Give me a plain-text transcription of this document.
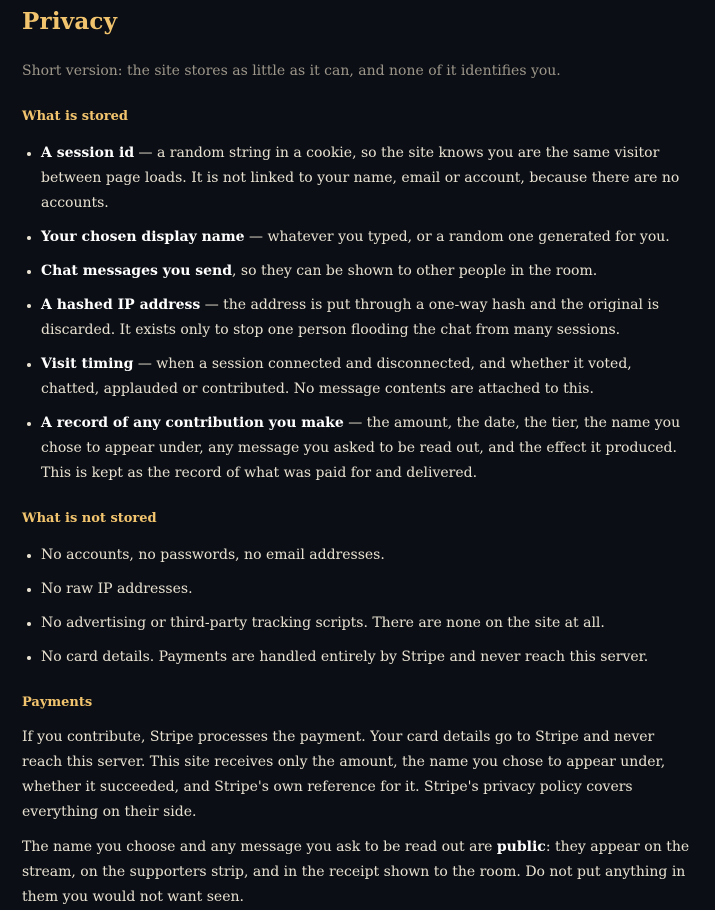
Privacy

Short version: the site stores as little as it can, and none of it identifies you.

What is stored
A session id — a random string in a cookie, so the site knows you are the same visitor between page loads. It is not linked to your name, email or account, because there are no accounts.
Your chosen display name — whatever you typed, or a random one generated for you.
Chat messages you send, so they can be shown to other people in the room.
A hashed IP address — the address is put through a one-way hash and the original is discarded. It exists only to stop one person flooding the chat from many sessions.
Visit timing — when a session connected and disconnected, and whether it voted, chatted, applauded or contributed. No message contents are attached to this.
A record of any contribution you make — the amount, the date, the tier, the name you chose to appear under, any message you asked to be read out, and the effect it produced. This is kept as the record of what was paid for and delivered.
What is not stored
No accounts, no passwords, no email addresses.
No raw IP addresses.
No advertising or third-party tracking scripts. There are none on the site at all.
No card details. Payments are handled entirely by Stripe and never reach this server.
Payments

If you contribute, Stripe processes the payment. Your card details go to Stripe and never reach this server. This site receives only the amount, the name you chose to appear under, whether it succeeded, and Stripe's own reference for it. Stripe's privacy policy covers everything on their side.

The name you choose and any message you ask to be read out are public: they appear on the stream, on the supporters strip, and in the receipt shown to the room. Do not put anything in them you would not want seen.
